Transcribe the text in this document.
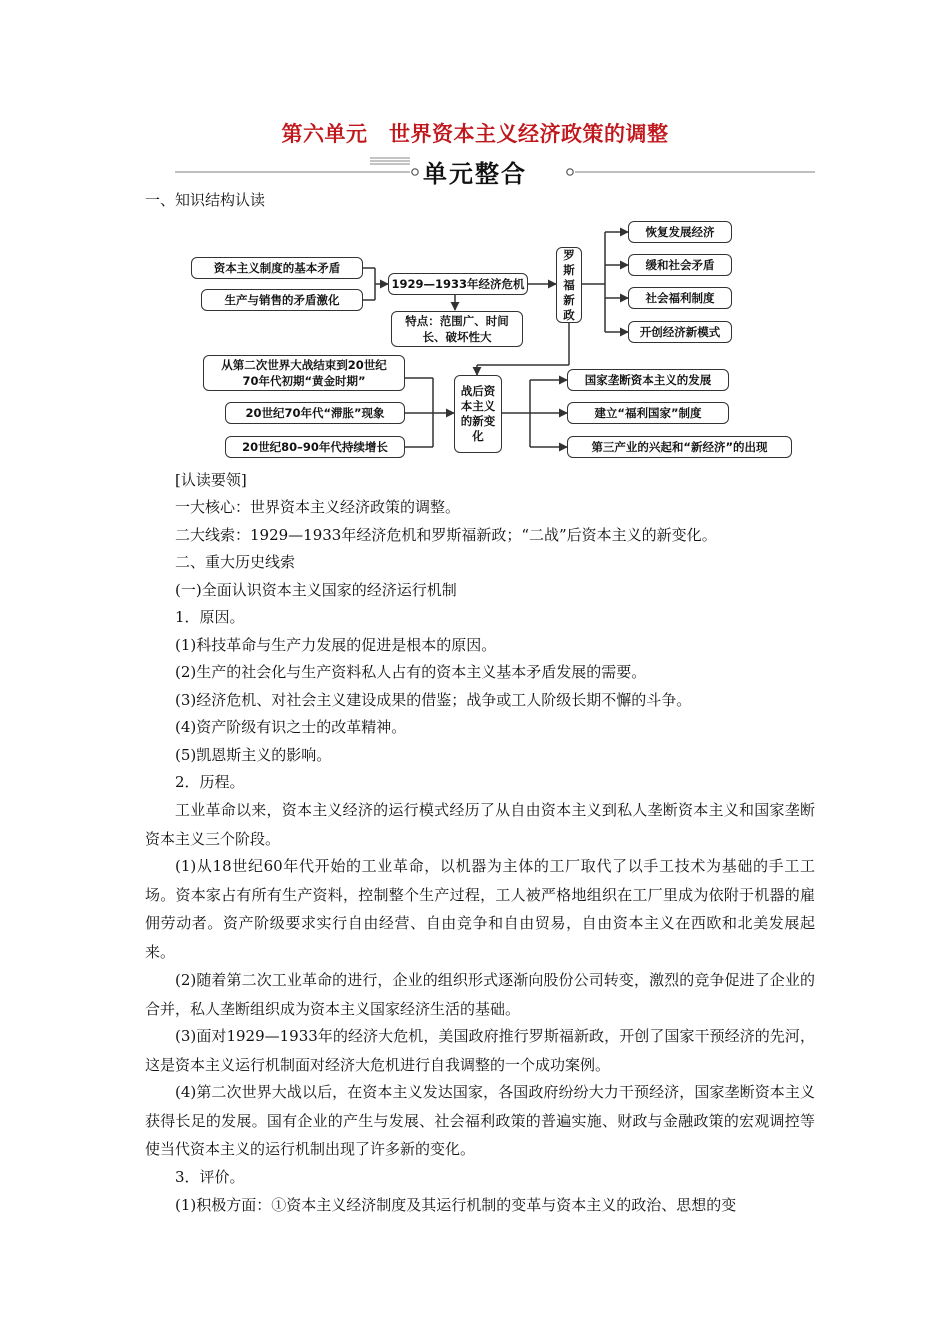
第六单元　世界资本主义经济政策的调整
单元整合
一、知识结构认读
资本主义制度的基本矛盾
生产与销售的矛盾激化
1929—1933年经济危机
特点：范围广、时间长、破坏性大
罗斯福新政
恢复发展经济
缓和社会矛盾
社会福利制度
开创经济新模式
从第二次世界大战结束到20世纪70年代初期“黄金时期”
20世纪70年代“滞胀”现象
20世纪80–90年代持续增长
战后资本主义的新变化
国家垄断资本主义的发展
建立“福利国家”制度
第三产业的兴起和“新经济”的出现
[认读要领]
一大核心：世界资本主义经济政策的调整。
二大线索：1929—1933年经济危机和罗斯福新政；“二战”后资本主义的新变化。
二、重大历史线索
(一)全面认识资本主义国家的经济运行机制
1．原因。
(1)科技革命与生产力发展的促进是根本的原因。
(2)生产的社会化与生产资料私人占有的资本主义基本矛盾发展的需要。
(3)经济危机、对社会主义建设成果的借鉴；战争或工人阶级长期不懈的斗争。
(4)资产阶级有识之士的改革精神。
(5)凯恩斯主义的影响。
2．历程。
工业革命以来，资本主义经济的运行模式经历了从自由资本主义到私人垄断资本主义和国家垄断资本主义三个阶段。
(1)从18世纪60年代开始的工业革命，以机器为主体的工厂取代了以手工技术为基础的手工工场。资本家占有所有生产资料，控制整个生产过程，工人被严格地组织在工厂里成为依附于机器的雇佣劳动者。资产阶级要求实行自由经营、自由竞争和自由贸易，自由资本主义在西欧和北美发展起来。
(2)随着第二次工业革命的进行，企业的组织形式逐渐向股份公司转变，激烈的竞争促进了企业的合并，私人垄断组织成为资本主义国家经济生活的基础。
(3)面对1929—1933年的经济大危机，美国政府推行罗斯福新政，开创了国家干预经济的先河，这是资本主义运行机制面对经济大危机进行自我调整的一个成功案例。
(4)第二次世界大战以后，在资本主义发达国家，各国政府纷纷大力干预经济，国家垄断资本主义获得长足的发展。国有企业的产生与发展、社会福利政策的普遍实施、财政与金融政策的宏观调控等使当代资本主义的运行机制出现了许多新的变化。
3．评价。
(1)积极方面：①资本主义经济制度及其运行机制的变革与资本主义的政治、思想的变
